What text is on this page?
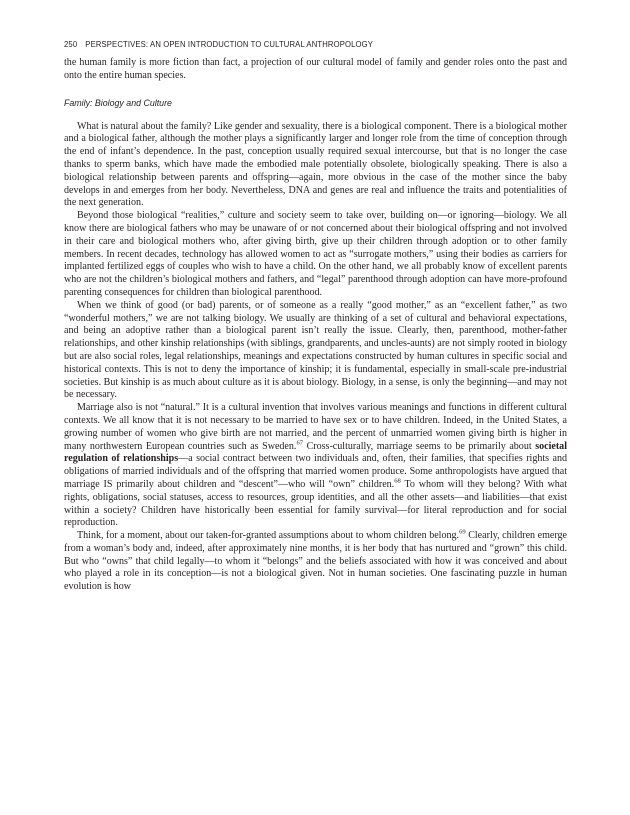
250 PERSPECTIVES: AN OPEN INTRODUCTION TO CULTURAL ANTHROPOLOGY

the human family is more fiction than fact, a projection of our cultural model of family and gender roles onto the past and onto the entire human species.

Family: Biology and Culture

What is natural about the family? Like gender and sexuality, there is a biological component. There is a biological mother and a biological father, although the mother plays a significantly larger and longer role from the time of conception through the end of infant’s dependence. In the past, conception usually required sexual intercourse, but that is no longer the case thanks to sperm banks, which have made the embodied male potentially obsolete, biologically speaking. There is also a biological relationship between parents and offspring—again, more obvious in the case of the mother since the baby develops in and emerges from her body. Nevertheless, DNA and genes are real and influence the traits and potentialities of the next generation.

Beyond those biological “realities,” culture and society seem to take over, building on—or ignoring—biology. We all know there are biological fathers who may be unaware of or not concerned about their biological offspring and not involved in their care and biological mothers who, after giving birth, give up their children through adoption or to other family members. In recent decades, technology has allowed women to act as “surrogate mothers,” using their bodies as carriers for implanted fertilized eggs of couples who wish to have a child. On the other hand, we all probably know of excellent parents who are not the children’s biological mothers and fathers, and “legal” parenthood through adoption can have more-profound parenting consequences for children than biological parenthood.

When we think of good (or bad) parents, or of someone as a really “good mother,” as an “excellent father,” as two “wonderful mothers,” we are not talking biology. We usually are thinking of a set of cultural and behavioral expectations, and being an adoptive rather than a biological parent isn’t really the issue. Clearly, then, parenthood, mother-father relationships, and other kinship relationships (with siblings, grandparents, and uncles-aunts) are not simply rooted in biology but are also social roles, legal relationships, meanings and expectations constructed by human cultures in specific social and historical contexts. This is not to deny the importance of kinship; it is fundamental, especially in small-scale pre-industrial societies. But kinship is as much about culture as it is about biology. Biology, in a sense, is only the beginning—and may not be necessary.

Marriage also is not “natural.” It is a cultural invention that involves various meanings and functions in different cultural contexts. We all know that it is not necessary to be married to have sex or to have children. Indeed, in the United States, a growing number of women who give birth are not married, and the percent of unmarried women giving birth is higher in many northwestern European countries such as Sweden.$^{67}$ Cross-culturally, marriage seems to be primarily about societal regulation of relationships—a social contract between two individuals and, often, their families, that specifies rights and obligations of married individuals and of the offspring that married women produce. Some anthropologists have argued that marriage IS primarily about children and “descent”—who will “own” children.$^{68}$ To whom will they belong? With what rights, obligations, social statuses, access to resources, group identities, and all the other assets—and liabilities—that exist within a society? Children have historically been essential for family survival—for literal reproduction and for social reproduction.

Think, for a moment, about our taken-for-granted assumptions about to whom children belong.$^{69}$ Clearly, children emerge from a woman’s body and, indeed, after approximately nine months, it is her body that has nurtured and “grown” this child. But who “owns” that child legally—to whom it “belongs” and the beliefs associated with how it was conceived and about who played a role in its conception—is not a biological given. Not in human societies. One fascinating puzzle in human evolution is how
